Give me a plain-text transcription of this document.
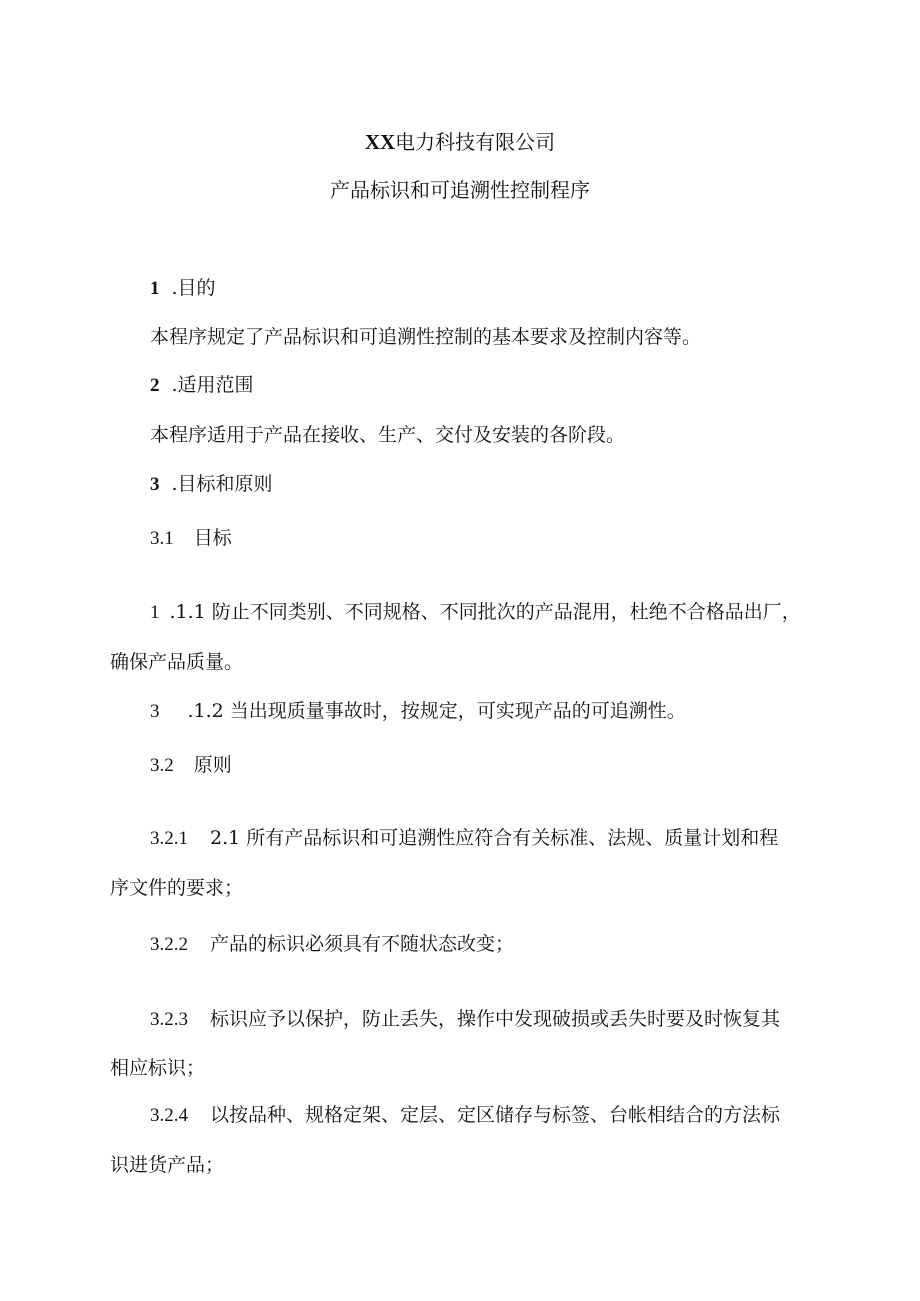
XX电力科技有限公司

产品标识和可追溯性控制程序

1 .目的

本程序规定了产品标识和可追溯性控制的基本要求及控制内容等。

2 .适用范围

本程序适用于产品在接收、生产、交付及安装的各阶段。

3 .目标和原则

3.1 目标

1 .1.1 防止不同类别、不同规格、不同批次的产品混用，杜绝不合格品出厂，

确保产品质量。

3 .1.2 当出现质量事故时，按规定，可实现产品的可追溯性。

3.2 原则

3.2.1 2.1 所有产品标识和可追溯性应符合有关标准、法规、质量计划和程

序文件的要求；

3.2.2 产品的标识必须具有不随状态改变；

3.2.3 标识应予以保护，防止丢失，操作中发现破损或丢失时要及时恢复其

相应标识；

3.2.4 以按品种、规格定架、定层、定区储存与标签、台帐相结合的方法标

识进货产品；
